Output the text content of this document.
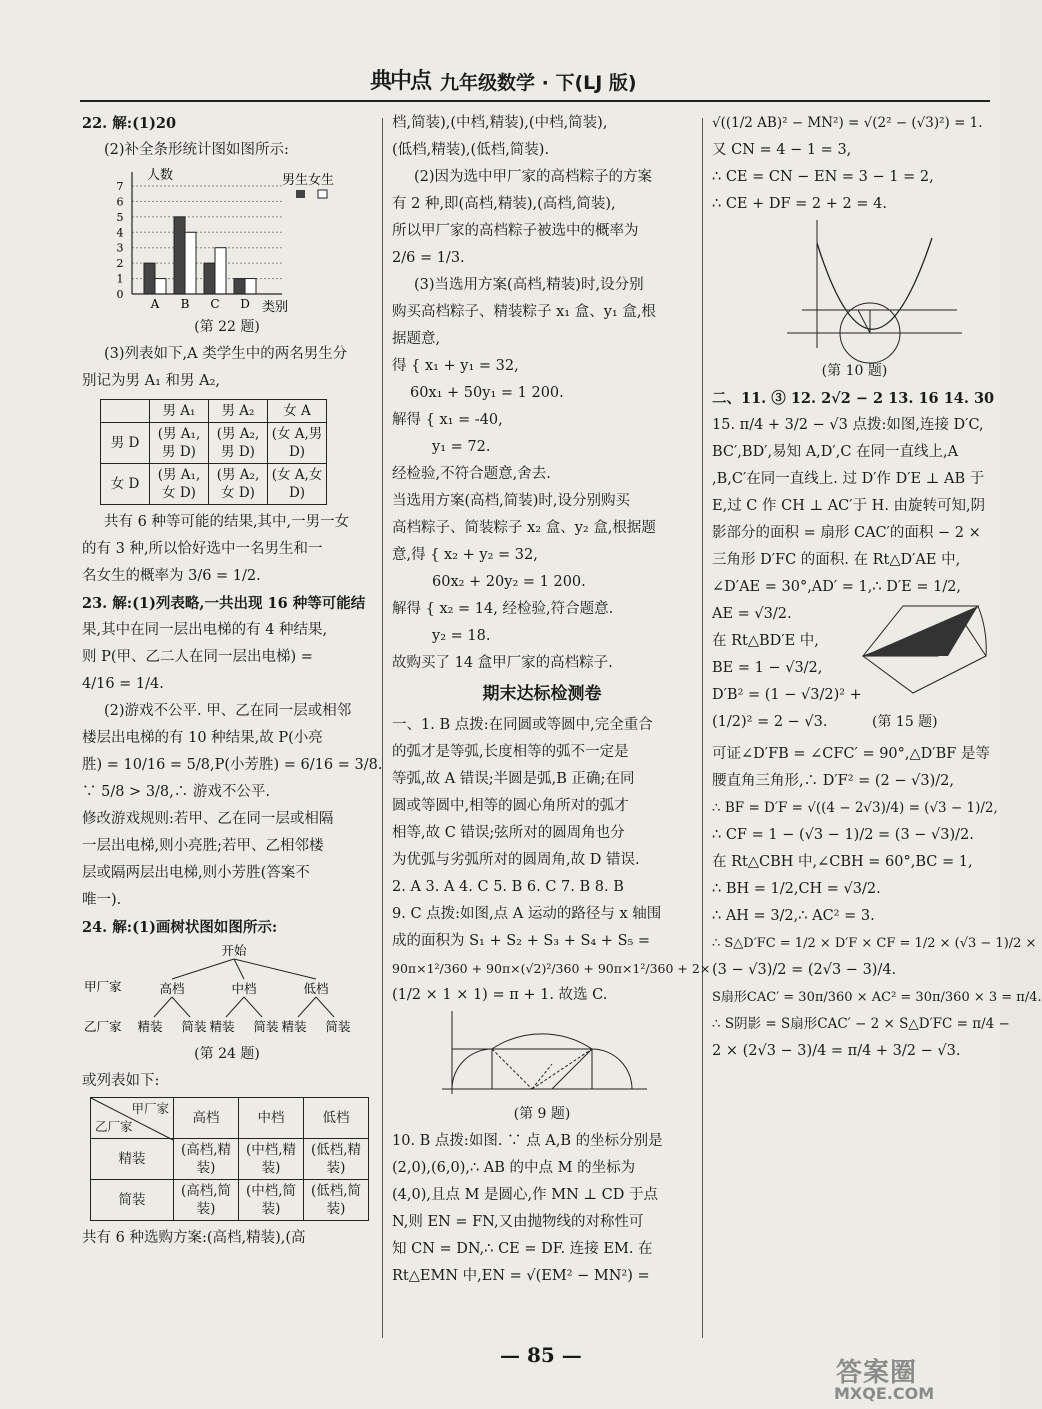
典中点 九年级数学 · 下(LJ 版)
22. 解:(1)20
(2)补全条形统计图如图所示:
0
1
2
3
4
5
6
7
A B C D
人数
类别
男生女生
(第 22 题)
(3)列表如下,A 类学生中的两名男生分
别记为男 A₁ 和男 A₂,
	男 A₁	男 A₂	女 A
男 D	(男 A₁,男 D)	(男 A₂,男 D)	(女 A,男 D)
女 D	(男 A₁,女 D)	(男 A₂,女 D)	(女 A,女 D)
共有 6 种等可能的结果,其中,一男一女
的有 3 种,所以恰好选中一名男生和一
名女生的概率为 3/6 = 1/2.
23. 解:(1)列表略,一共出现 16 种等可能结
果,其中在同一层出电梯的有 4 种结果,
则 P(甲、乙二人在同一层出电梯) =
4/16 = 1/4.
(2)游戏不公平. 甲、乙在同一层或相邻
楼层出电梯的有 10 种结果,故 P(小亮
胜) = 10/16 = 5/8,P(小芳胜) = 6/16 = 3/8.
∵ 5/8 > 3/8,∴ 游戏不公平.
修改游戏规则:若甲、乙在同一层或相隔
一层出电梯,则小亮胜;若甲、乙相邻楼
层或隔两层出电梯,则小芳胜(答案不
唯一).
24. 解:(1)画树状图如图所示:
开始
甲厂家
乙厂家
高档	中档	低档
精装 简装 精装 简装 精装 简装
(第 24 题)
或列表如下:
甲厂家
乙厂家	高档	中档	低档
精装	(高档,精装)	(中档,精装)	(低档,精装)
简装	(高档,简装)	(中档,简装)	(低档,简装)
共有 6 种选购方案:(高档,精装),(高
档,简装),(中档,精装),(中档,简装),
(低档,精装),(低档,简装).
(2)因为选中甲厂家的高档粽子的方案
有 2 种,即(高档,精装),(高档,简装),
所以甲厂家的高档粽子被选中的概率为
2/6 = 1/3.
(3)当选用方案(高档,精装)时,设分别
购买高档粽子、精装粽子 x₁ 盒、y₁ 盒,根
据题意,
得 { x₁ + y₁ = 32,
60x₁ + 50y₁ = 1 200.
解得 { x₁ = -40,
y₁ = 72.
经检验,不符合题意,舍去.
当选用方案(高档,简装)时,设分别购买
高档粽子、简装粽子 x₂ 盒、y₂ 盒,根据题
意,得 { x₂ + y₂ = 32,
60x₂ + 20y₂ = 1 200.
解得 { x₂ = 14, 经检验,符合题意.
y₂ = 18.
故购买了 14 盒甲厂家的高档粽子.
期末达标检测卷
一、1. B 点拨:在同圆或等圆中,完全重合
的弧才是等弧,长度相等的弧不一定是
等弧,故 A 错误;半圆是弧,B 正确;在同
圆或等圆中,相等的圆心角所对的弧才
相等,故 C 错误;弦所对的圆周角也分
为优弧与劣弧所对的圆周角,故 D 错误.
2. A 3. A 4. C 5. B 6. C 7. B 8. B
9. C 点拨:如图,点 A 运动的路径与 x 轴围
成的面积为 S₁ + S₂ + S₃ + S₄ + S₅ =
90π×1²/360 + 90π×(√2)²/360 + 90π×1²/360 + 2×
(1/2 × 1 × 1) = π + 1. 故选 C.
(第 9 题)
10. B 点拨:如图. ∵ 点 A,B 的坐标分别是
(2,0),(6,0),∴ AB 的中点 M 的坐标为
(4,0),且点 M 是圆心,作 MN ⊥ CD 于点
N,则 EN = FN,又由抛物线的对称性可
知 CN = DN,∴ CE = DF. 连接 EM. 在
Rt△EMN 中,EN = √(EM² − MN²) =
√((1/2 AB)² − MN²) = √(2² − (√3)²) = 1.
又 CN = 4 − 1 = 3,
∴ CE = CN − EN = 3 − 1 = 2,
∴ CE + DF = 2 + 2 = 4.
(第 10 题)
二、11. ③ 12. 2√2 − 2 13. 16 14. 30
15. π/4 + 3/2 − √3 点拨:如图,连接 D′C,
BC′,BD′,易知 A,D′,C 在同一直线上,A
,B,C′在同一直线上. 过 D′作 D′E ⊥ AB 于
E,过 C 作 CH ⊥ AC′于 H. 由旋转可知,阴
影部分的面积 = 扇形 CAC′的面积 − 2 ×
三角形 D′FC 的面积. 在 Rt△D′AE 中,
∠D′AE = 30°,AD′ = 1,∴ D′E = 1/2,
AE = √3/2.
在 Rt△BD′E 中,
BE = 1 − √3/2,
D′B² = (1 − √3/2)² +
(1/2)² = 2 − √3.	(第 15 题)
可证∠D′FB = ∠CFC′ = 90°,△D′BF 是等
腰直角三角形,∴ D′F² = (2 − √3)/2,
∴ BF = D′F = √((4 − 2√3)/4) = (√3 − 1)/2,
∴ CF = 1 − (√3 − 1)/2 = (3 − √3)/2.
在 Rt△CBH 中,∠CBH = 60°,BC = 1,
∴ BH = 1/2,CH = √3/2.
∴ AH = 3/2,∴ AC² = 3.
∴ S△D′FC = 1/2 × D′F × CF = 1/2 × (√3 − 1)/2 ×
(3 − √3)/2 = (2√3 − 3)/4.
S扇形CAC′ = 30π/360 × AC² = 30π/360 × 3 = π/4.
∴ S阴影 = S扇形CAC′ − 2 × S△D′FC = π/4 −
2 × (2√3 − 3)/4 = π/4 + 3/2 − √3.
— 85 —
答案圈
MXQE.COM
